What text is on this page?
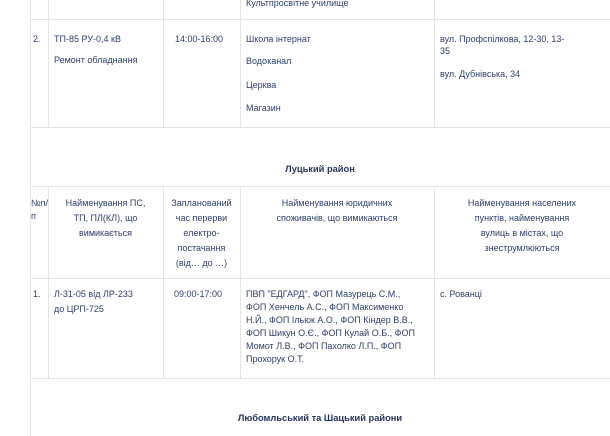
Культпросвітне училище
2. ТП-85 РУ-0,4 кВ
Ремонт обладнання
14:00-16:00	Школа інтернат
Водоканал
Церква
Магазин
вул. Профспілкова, 12-30, 13-
35
вул. Дубнівська, 34
Луцький район
№п/
п
Найменування ПС,
ТП, ПЛ(КЛ), що
вимикається
Запланований
час перерви
електро-
постачання
(від… до …)
Найменування юридичних
споживачів, що вимикаються
Найменування населених
пунктів, найменування
вулиць в містах, що
знеструмлюються
1. Л-31-05 від ЛР-233
до ЦРП-725
09:00-17:00	ПВП "ЕДГАРД", ФОП Мазурець С.М.,
ФОП Хенчель А.С., ФОП Максименко
Н.Й., ФОП Ільюк А.О., ФОП Кіндер В.В.,
ФОП Шикун О.Є., ФОП Кулай О.Б., ФОП
Момот Л.В., ФОП Пахолко Л.П., ФОП
Прохорук О.Т.
с. Рованці
Любомльський та Шацький райони
